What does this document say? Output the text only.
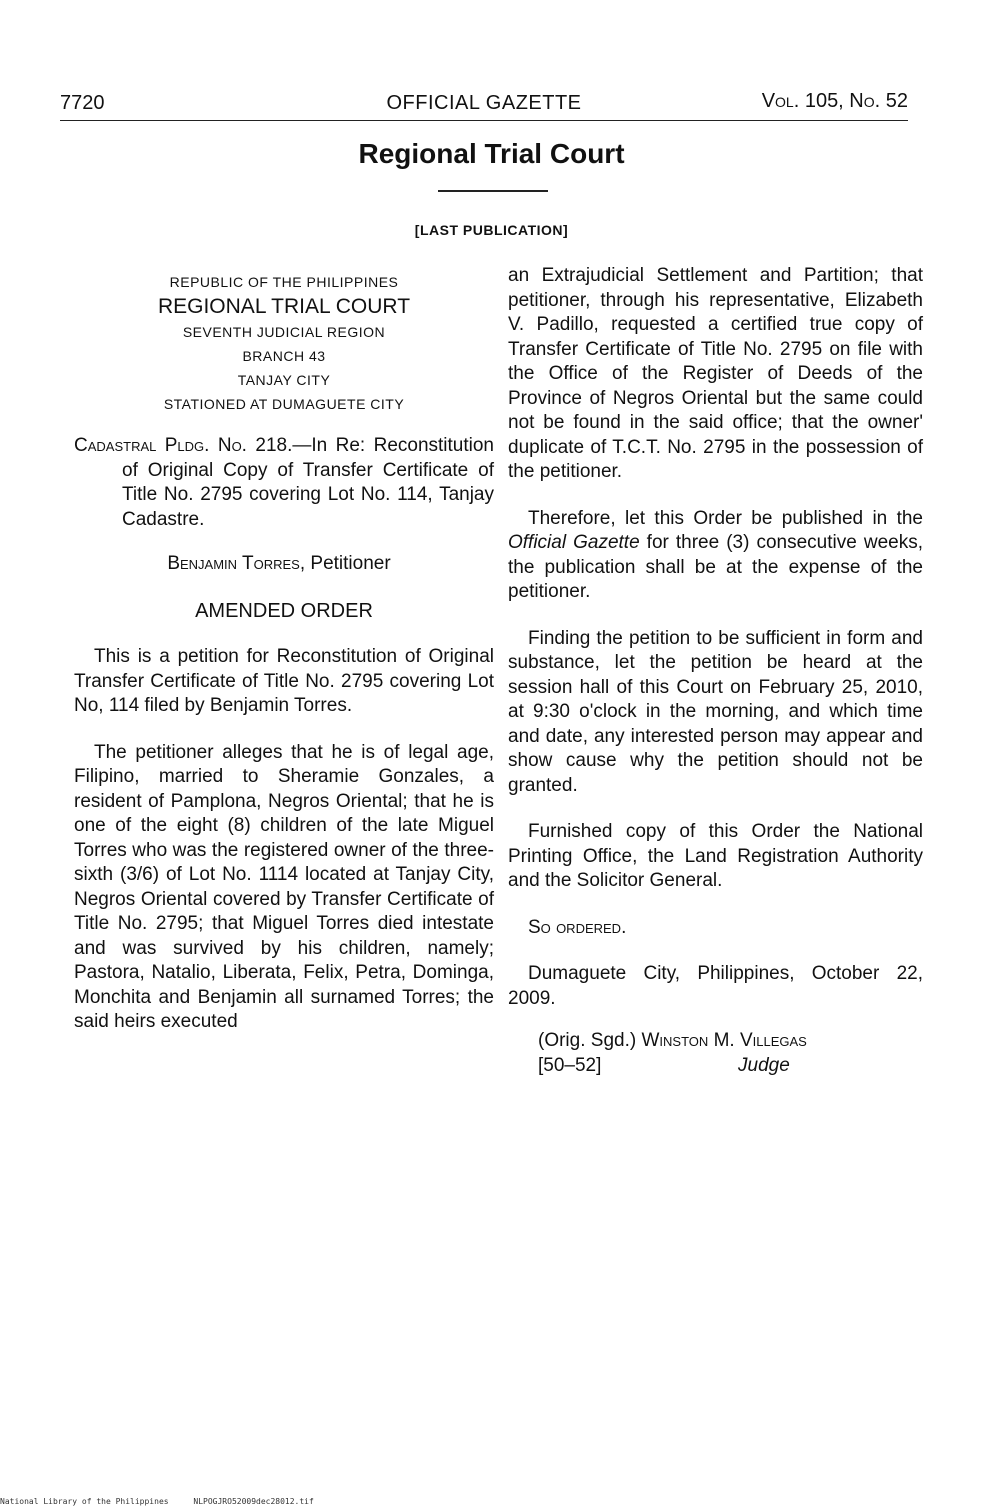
7720	OFFICIAL GAZETTE	Vol. 105, No. 52
Regional Trial Court
[LAST PUBLICATION]
REPUBLIC OF THE PHILIPPINES
REGIONAL TRIAL COURT
SEVENTH JUDICIAL REGION
BRANCH 43
TANJAY CITY
STATIONED AT DUMAGUETE CITY

Cadastral Pldg. No. 218.—In Re: Reconstitution of Original Copy of Transfer Certificate of Title No. 2795 covering Lot No. 114, Tanjay Cadastre.

Benjamin Torres, Petitioner
AMENDED ORDER

This is a petition for Reconstitution of Original Transfer Certificate of Title No. 2795 covering Lot No, 114 filed by Benjamin Torres.

The petitioner alleges that he is of legal age, Filipino, married to Sheramie Gonzales, a resident of Pamplona, Negros Oriental; that he is one of the eight (8) children of the late Miguel Torres who was the registered owner of the three-sixth (3/6) of Lot No. 1114 located at Tanjay City, Negros Oriental covered by Transfer Certificate of Title No. 2795; that Miguel Torres died intestate and was survived by his children, namely; Pastora, Natalio, Liberata, Felix, Petra, Dominga, Monchita and Benjamin all surnamed Torres; the said heirs executed

an Extrajudicial Settlement and Partition; that petitioner, through his representative, Elizabeth V. Padillo, requested a certified true copy of Transfer Certificate of Title No. 2795 on file with the Office of the Register of Deeds of the Province of Negros Oriental but the same could not be found in the said office; that the owner' duplicate of T.C.T. No. 2795 in the possession of the petitioner.

Therefore, let this Order be published in the Official Gazette for three (3) consecutive weeks, the publication shall be at the expense of the petitioner.

Finding the petition to be sufficient in form and substance, let the petition be heard at the session hall of this Court on February 25, 2010, at 9:30 o'clock in the morning, and which time and date, any interested person may appear and show cause why the petition should not be granted.

Furnished copy of this Order the National Printing Office, the Land Registration Authority and the Solicitor General.

So ordered.

Dumaguete City, Philippines, October 22, 2009.

(Orig. Sgd.) Winston M. Villegas
[50–52]	Judge
National Library of the Philippines	NLPOGJRO52009dec28012.tif
